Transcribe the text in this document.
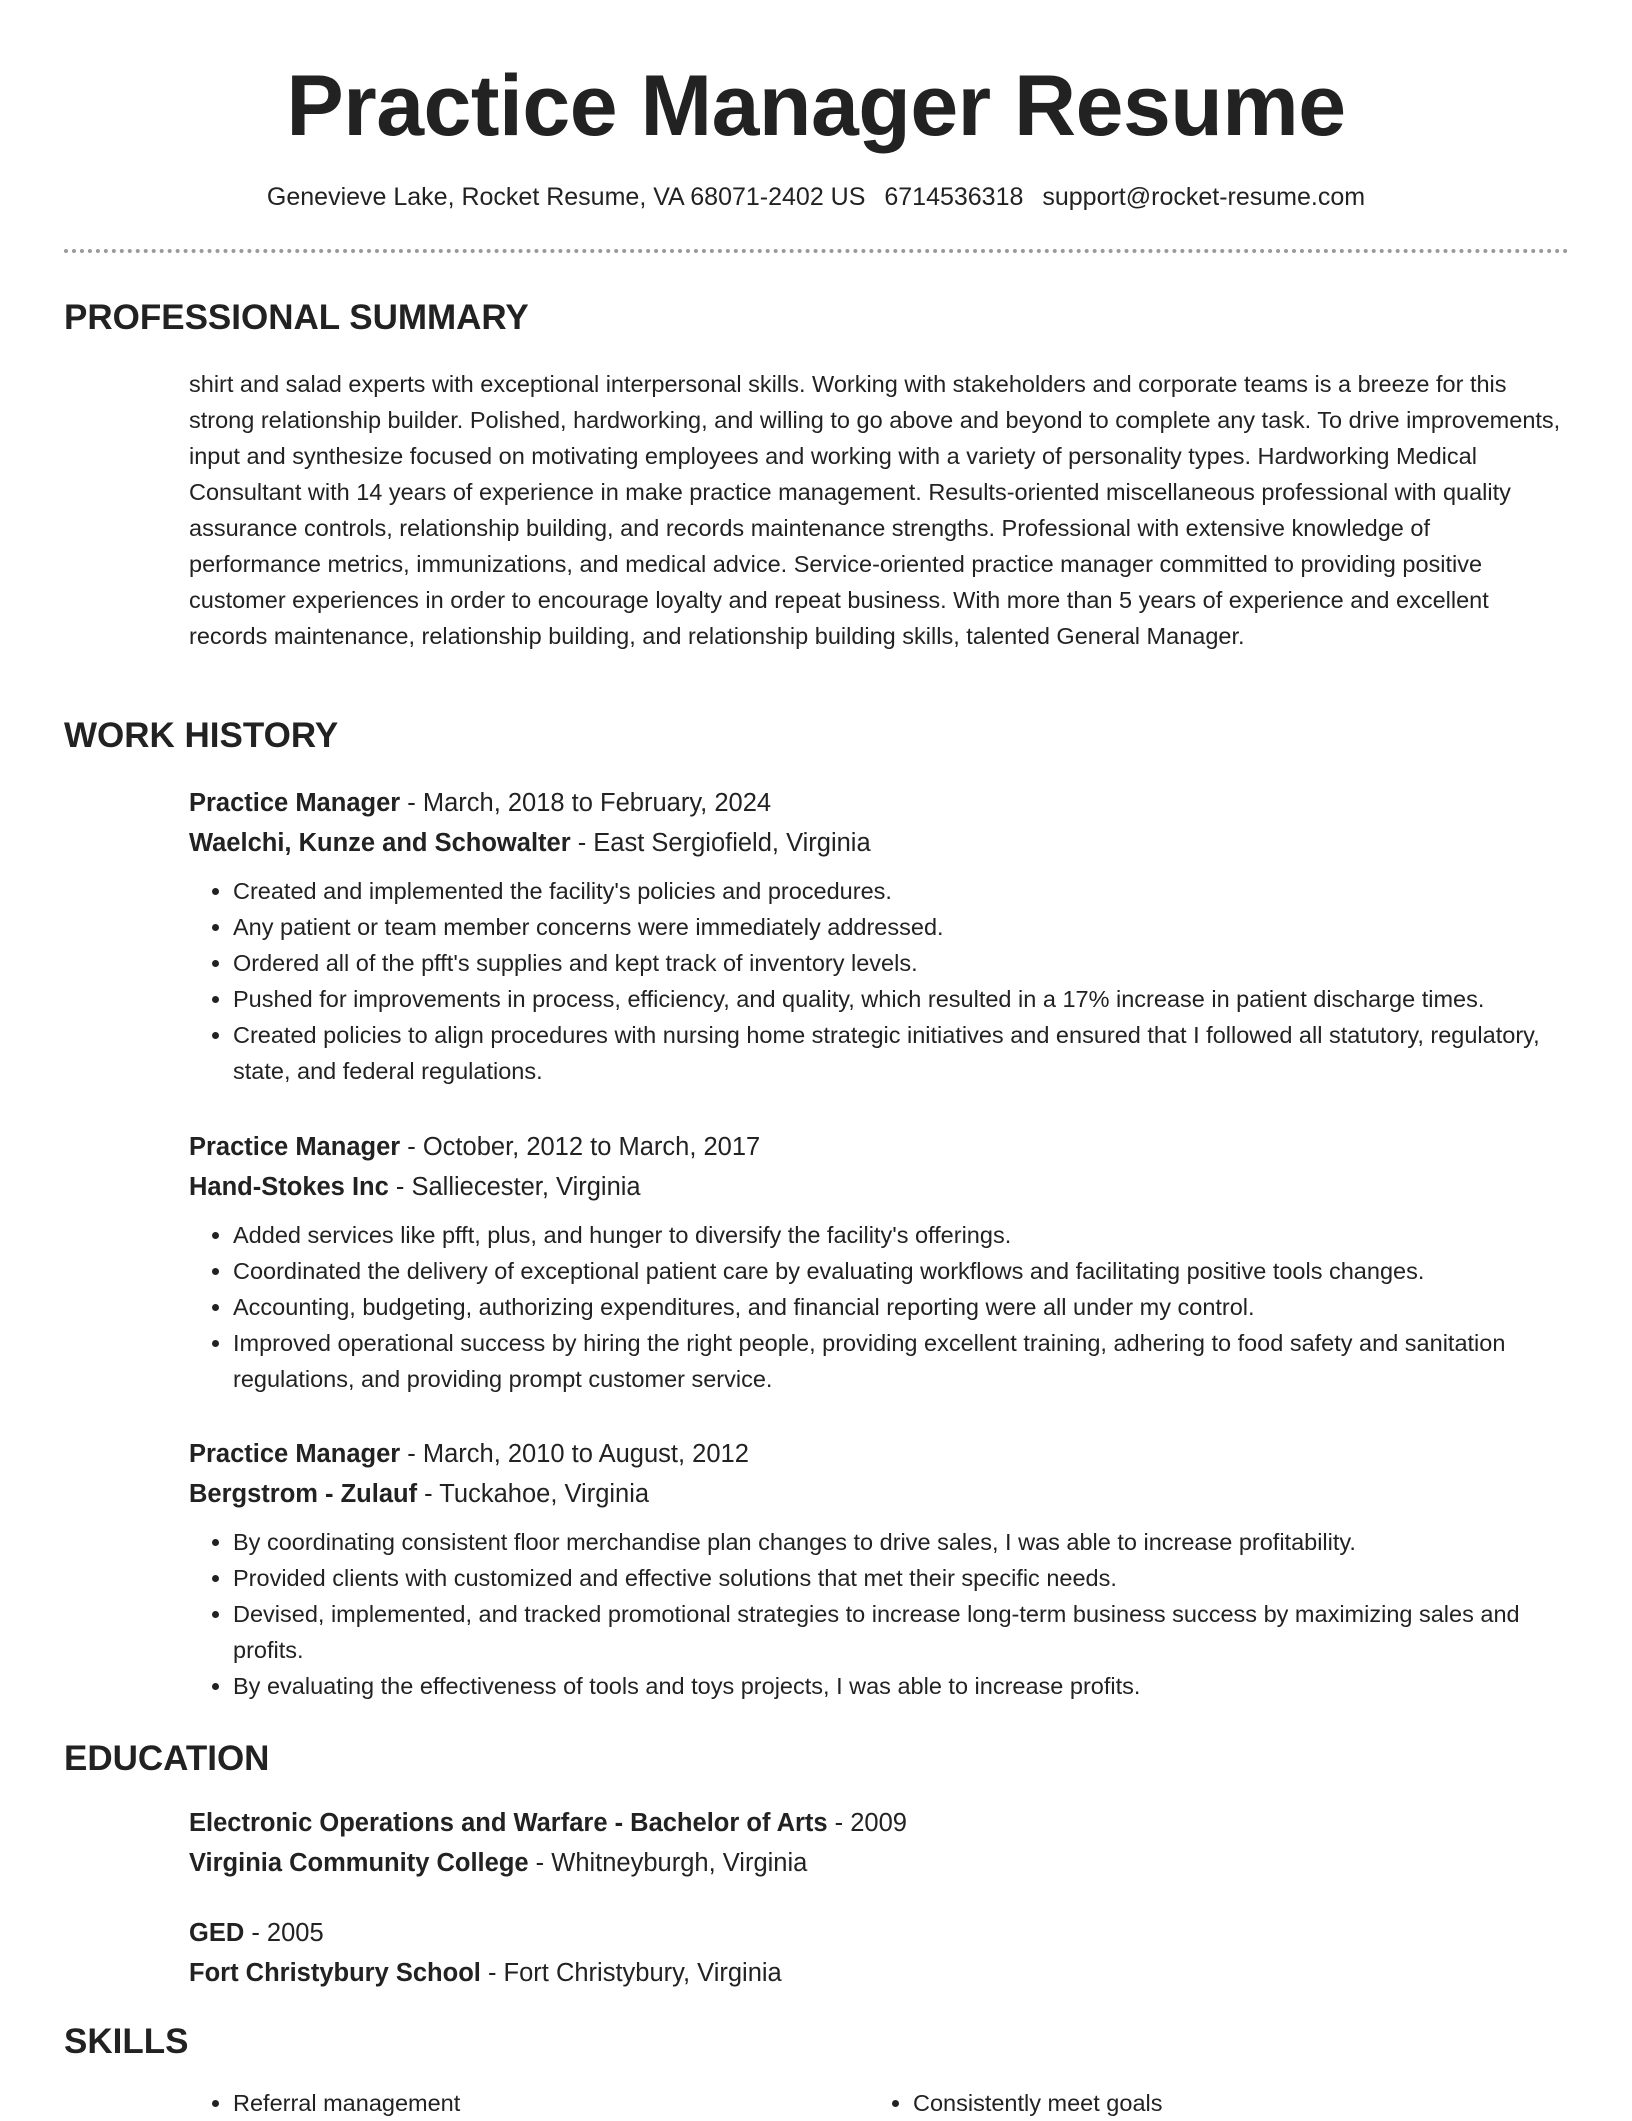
Practice Manager Resume
Genevieve Lake, Rocket Resume, VA 68071-2402 US 6714536318 support@rocket-resume.com
PROFESSIONAL SUMMARY

shirt and salad experts with exceptional interpersonal skills. Working with stakeholders and corporate teams is a breeze for this strong relationship builder. Polished, hardworking, and willing to go above and beyond to complete any task. To drive improvements, input and synthesize focused on motivating employees and working with a variety of personality types. Hardworking Medical Consultant with 14 years of experience in make practice management. Results-oriented miscellaneous professional with quality assurance controls, relationship building, and records maintenance strengths. Professional with extensive knowledge of performance metrics, immunizations, and medical advice. Service-oriented practice manager committed to providing positive customer experiences in order to encourage loyalty and repeat business. With more than 5 years of experience and excellent records maintenance, relationship building, and relationship building skills, talented General Manager.

WORK HISTORY
Practice Manager - March, 2018 to February, 2024
Waelchi, Kunze and Schowalter - East Sergiofield, Virginia
• Created and implemented the facility's policies and procedures.
• Any patient or team member concerns were immediately addressed.
• Ordered all of the pfft's supplies and kept track of inventory levels.
• Pushed for improvements in process, efficiency, and quality, which resulted in a 17% increase in patient discharge times.
• Created policies to align procedures with nursing home strategic initiatives and ensured that I followed all statutory, regulatory, state, and federal regulations.
Practice Manager - October, 2012 to March, 2017
Hand-Stokes Inc - Salliecester, Virginia
• Added services like pfft, plus, and hunger to diversify the facility's offerings.
• Coordinated the delivery of exceptional patient care by evaluating workflows and facilitating positive tools changes.
• Accounting, budgeting, authorizing expenditures, and financial reporting were all under my control.
• Improved operational success by hiring the right people, providing excellent training, adhering to food safety and sanitation regulations, and providing prompt customer service.
Practice Manager - March, 2010 to August, 2012
Bergstrom - Zulauf - Tuckahoe, Virginia
• By coordinating consistent floor merchandise plan changes to drive sales, I was able to increase profitability.
• Provided clients with customized and effective solutions that met their specific needs.
• Devised, implemented, and tracked promotional strategies to increase long-term business success by maximizing sales and profits.
• By evaluating the effectiveness of tools and toys projects, I was able to increase profits.
EDUCATION
Electronic Operations and Warfare - Bachelor of Arts - 2009
Virginia Community College - Whitneyburgh, Virginia
GED - 2005
Fort Christybury School - Fort Christybury, Virginia
SKILLS
• Referral management
•	Consistently meet goals
